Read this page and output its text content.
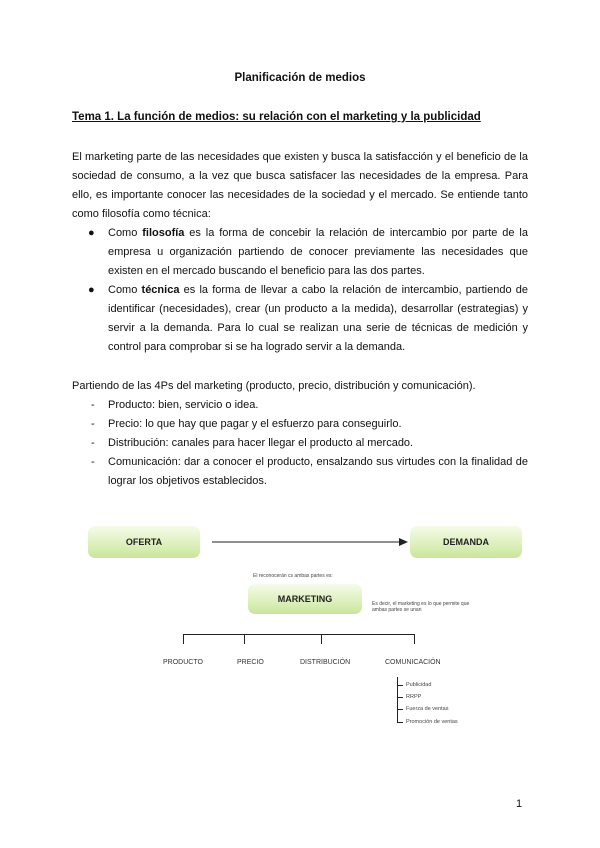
Planificación de medios
Tema 1. La función de medios: su relación con el marketing y la publicidad

El marketing parte de las necesidades que existen y busca la satisfacción y el beneficio de la sociedad de consumo, a la vez que busca satisfacer las necesidades de la empresa. Para ello, es importante conocer las necesidades de la sociedad y el mercado. Se entiende tanto como filosofía como técnica:

● Como filosofía es la forma de concebir la relación de intercambio por parte de la empresa u organización partiendo de conocer previamente las necesidades que existen en el mercado buscando el beneficio para las dos partes.
● Como técnica es la forma de llevar a cabo la relación de intercambio, partiendo de identificar (necesidades), crear (un producto a la medida), desarrollar (estrategias) y servir a la demanda. Para lo cual se realizan una serie de técnicas de medición y control para comprobar si se ha logrado servir a la demanda.
Partiendo de las 4Ps del marketing (producto, precio, distribución y comunicación).
- Producto: bien, servicio o idea.
- Precio: lo que hay que pagar y el esfuerzo para conseguirlo.
- Distribución: canales para hacer llegar el producto al mercado.
- Comunicación: dar a conocer el producto, ensalzando sus virtudes con la finalidad de lograr los objetivos establecidos.
OFERTA	DEMANDA
El reconocerán cs ambas partes es:
MARKETING	Es decir, el marketing es lo que permite que ambas partes se unan
PRODUCTO	PRECIO	DISTRIBUCIÓN	COMUNICACIÓN
Publicidad
RRPP
Fuerza de ventas
Promoción de ventas
1
